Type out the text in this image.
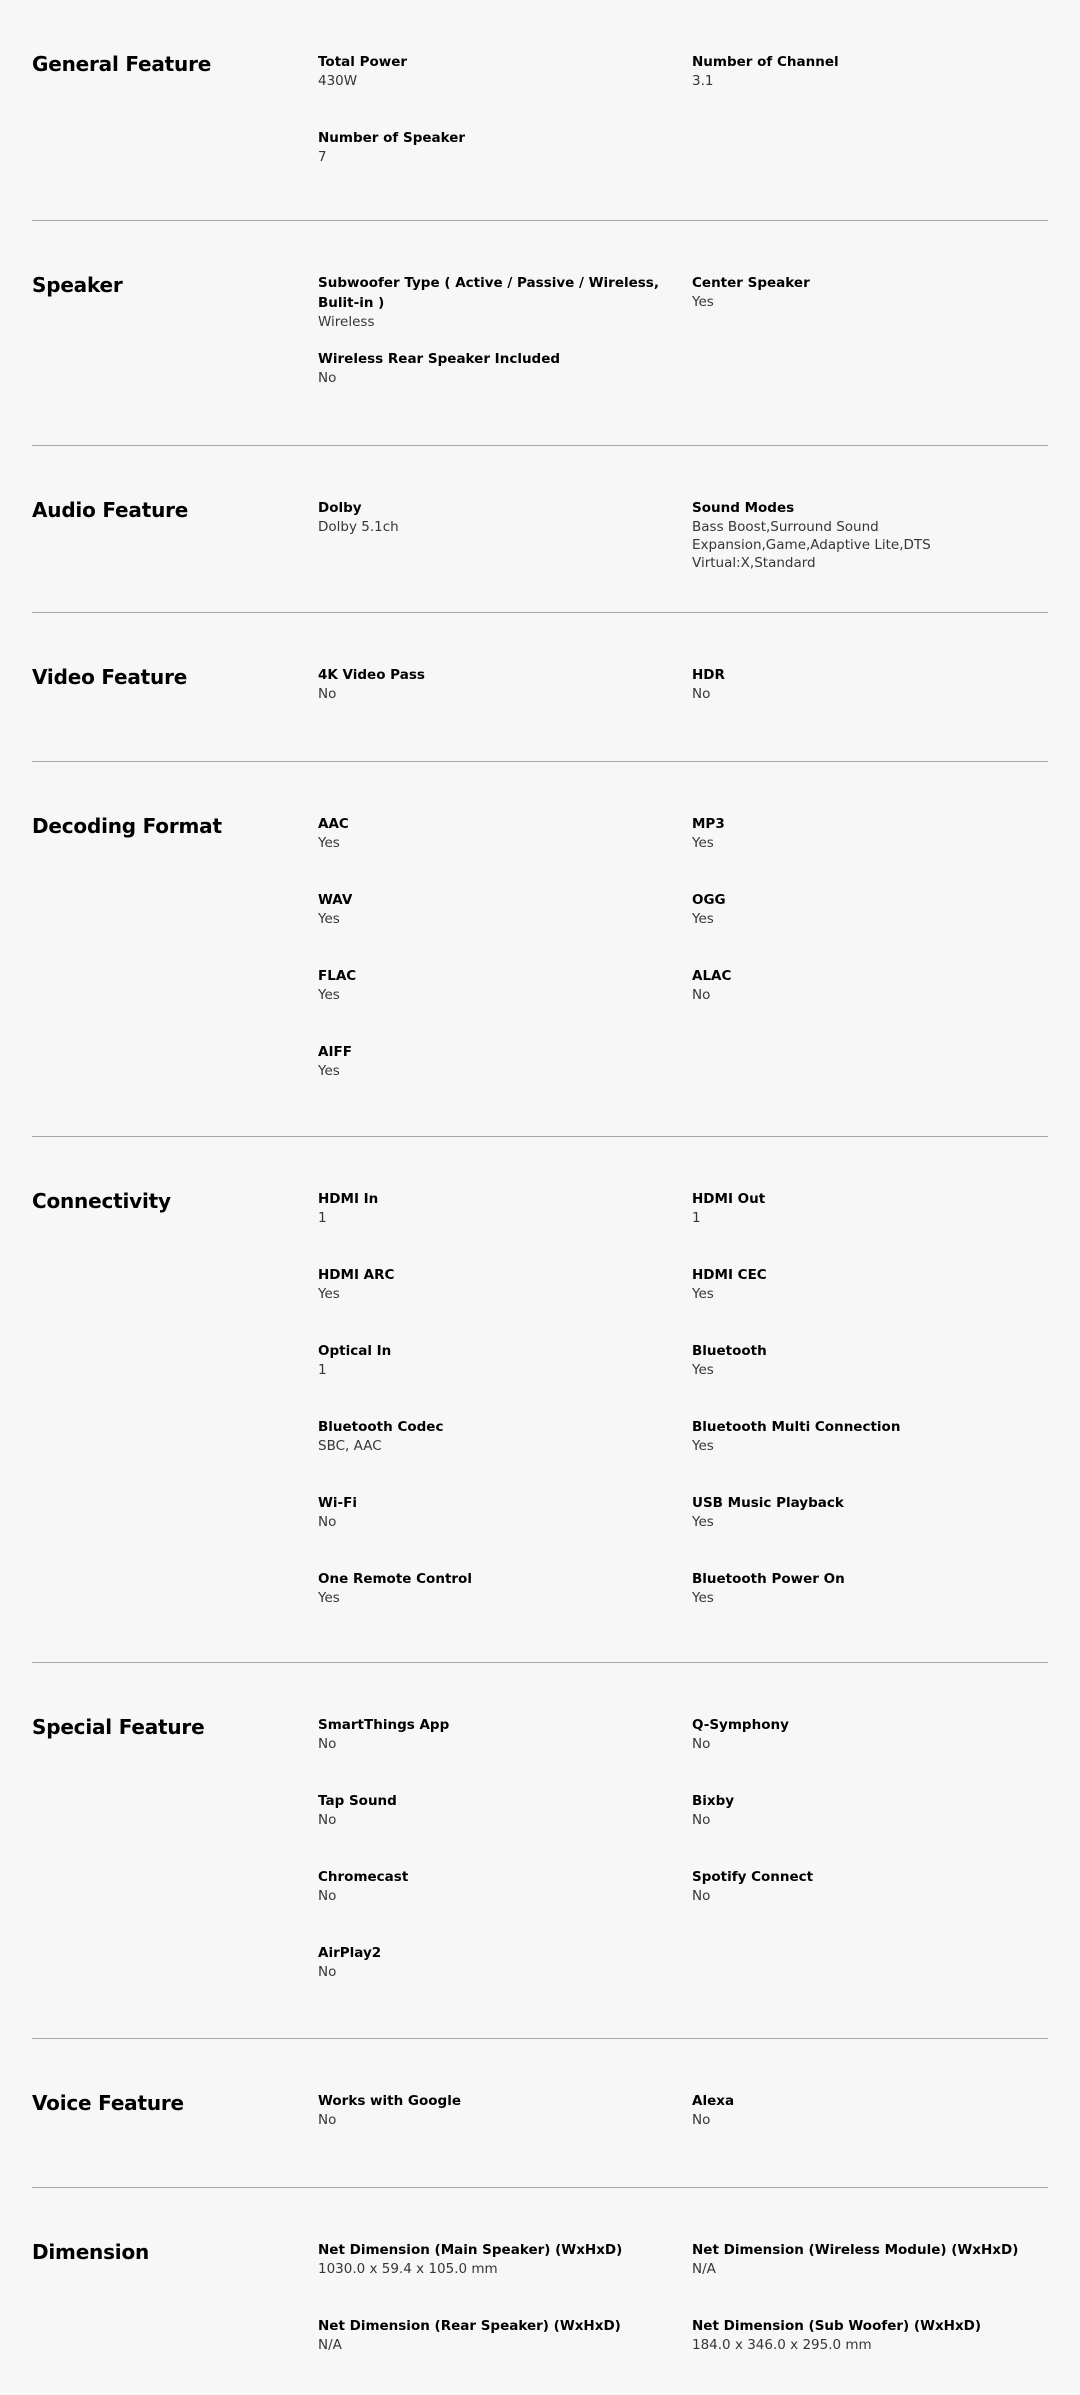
General Feature	Total Power
430W
Number of Channel
3.1
Number of Speaker
7
Speaker	Subwoofer Type ( Active / Passive / Wireless, Bulit-in )
Wireless
Center Speaker
Yes
Wireless Rear Speaker Included
No
Audio Feature	Dolby
Dolby 5.1ch
Sound Modes
Bass Boost,Surround Sound Expansion,Game,Adaptive Lite,DTS Virtual:X,Standard
Video Feature	4K Video Pass
No
HDR
No
Decoding Format	AAC
Yes
MP3
Yes
WAV
Yes
OGG
Yes
FLAC
Yes
ALAC
No
AIFF
Yes
Connectivity	HDMI In
1
HDMI Out
1
HDMI ARC
Yes
HDMI CEC
Yes
Optical In
1
Bluetooth
Yes
Bluetooth Codec
SBC, AAC
Bluetooth Multi Connection
Yes
Wi-Fi
No
USB Music Playback
Yes
One Remote Control
Yes
Bluetooth Power On
Yes
Special Feature	SmartThings App
No
Q-Symphony
No
Tap Sound
No
Bixby
No
Chromecast
No
Spotify Connect
No
AirPlay2
No
Voice Feature	Works with Google
No
Alexa
No
Dimension	Net Dimension (Main Speaker) (WxHxD)
1030.0 x 59.4 x 105.0 mm
Net Dimension (Wireless Module) (WxHxD)
N/A
Net Dimension (Rear Speaker) (WxHxD)
N/A
Net Dimension (Sub Woofer) (WxHxD)
184.0 x 346.0 x 295.0 mm
